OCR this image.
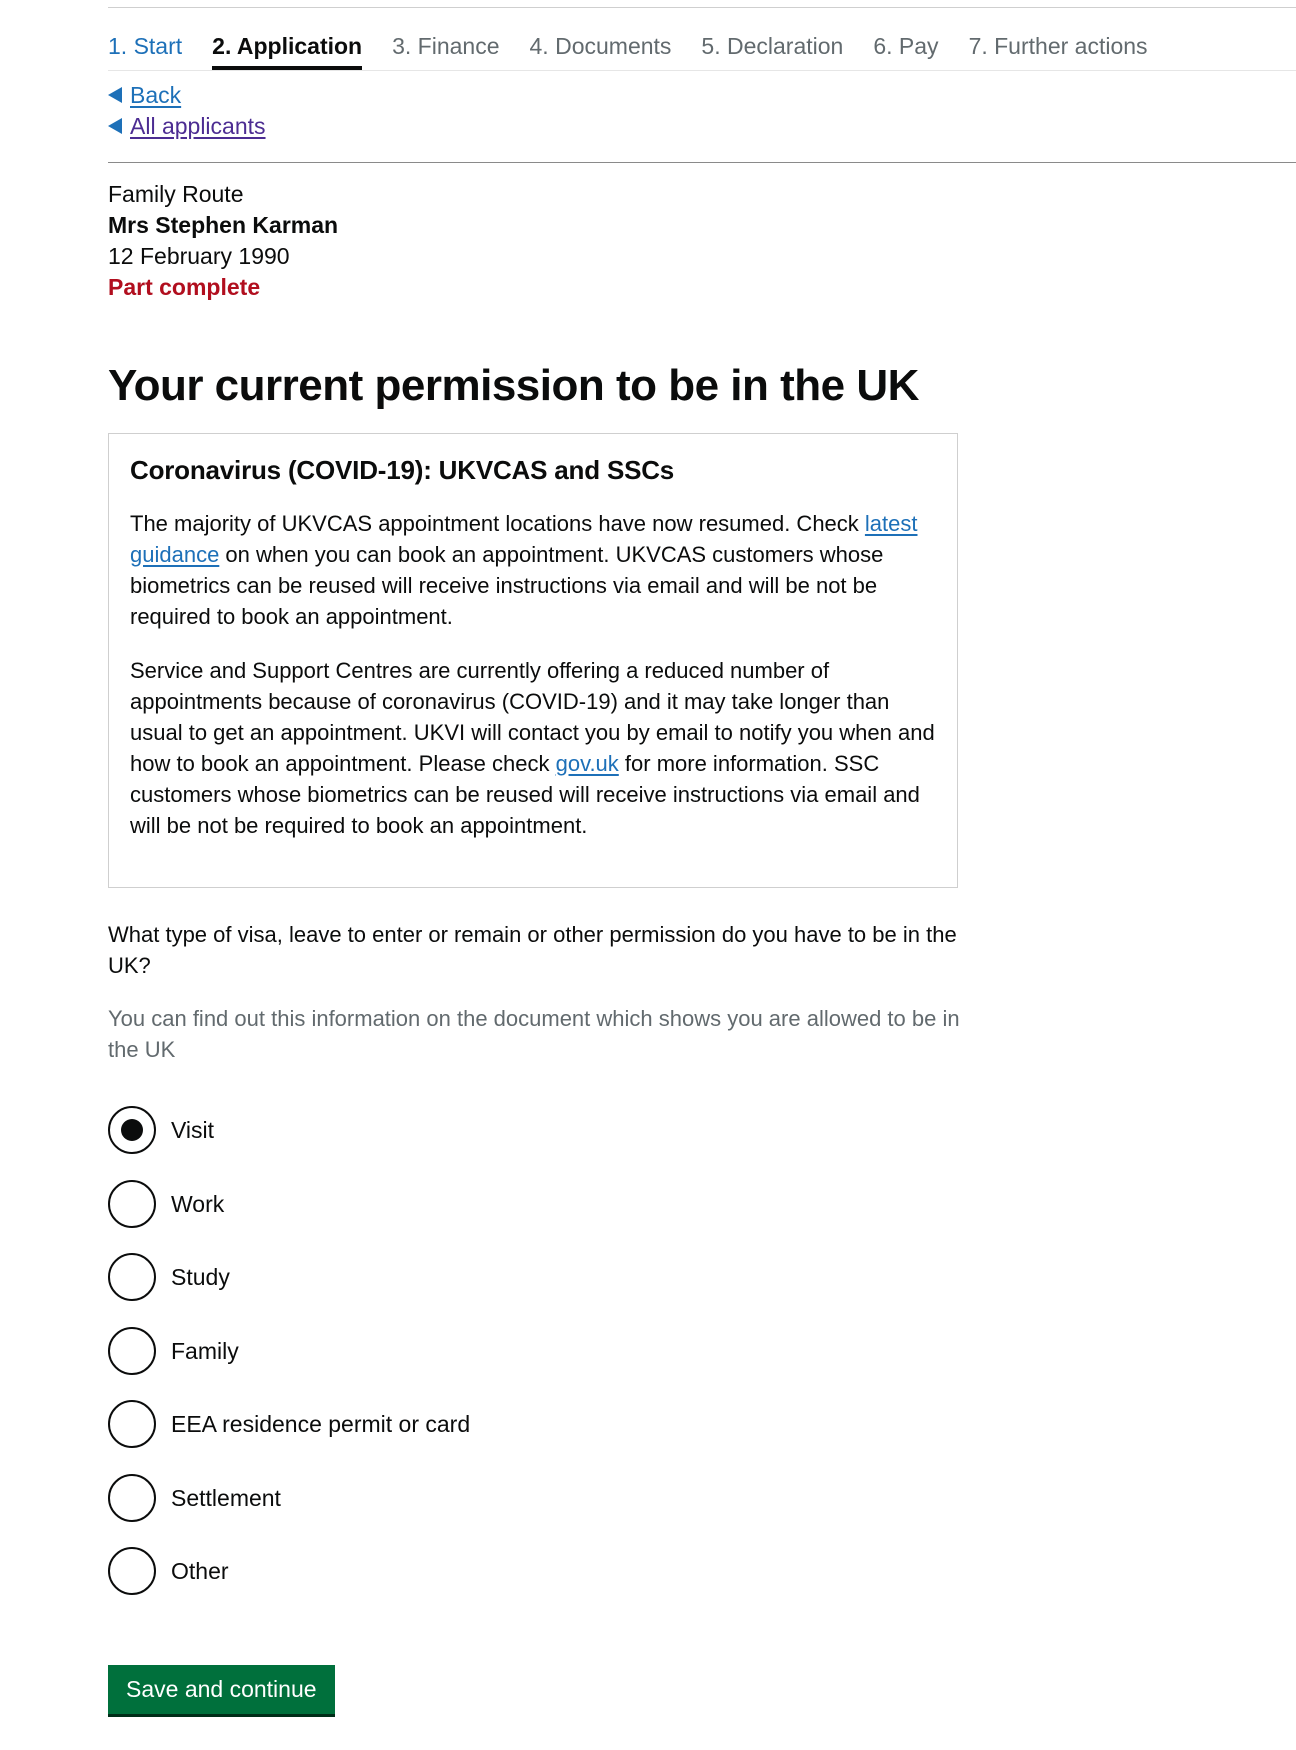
1. Start 2. Application 3. Finance 4. Documents 5. Declaration 6. Pay 7. Further actions
Back
All applicants
Family Route
Mrs Stephen Karman
12 February 1990
Part complete
Your current permission to be in the UK
Coronavirus (COVID-19): UKVCAS and SSCs

The majority of UKVCAS appointment locations have now resumed. Check latest guidance on when you can book an appointment. UKVCAS customers whose biometrics can be reused will receive instructions via email and will be not be required to book an appointment.

Service and Support Centres are currently offering a reduced number of appointments because of coronavirus (COVID-19) and it may take longer than usual to get an appointment. UKVI will contact you by email to notify you when and how to book an appointment. Please check gov.uk for more information. SSC customers whose biometrics can be reused will receive instructions via email and will be not be required to book an appointment.

What type of visa, leave to enter or remain or other permission do you have to be in the UK?
You can find out this information on the document which shows you are allowed to be in the UK
Visit
Work
Study
Family
EEA residence permit or card
Settlement
Other
Save and continue
